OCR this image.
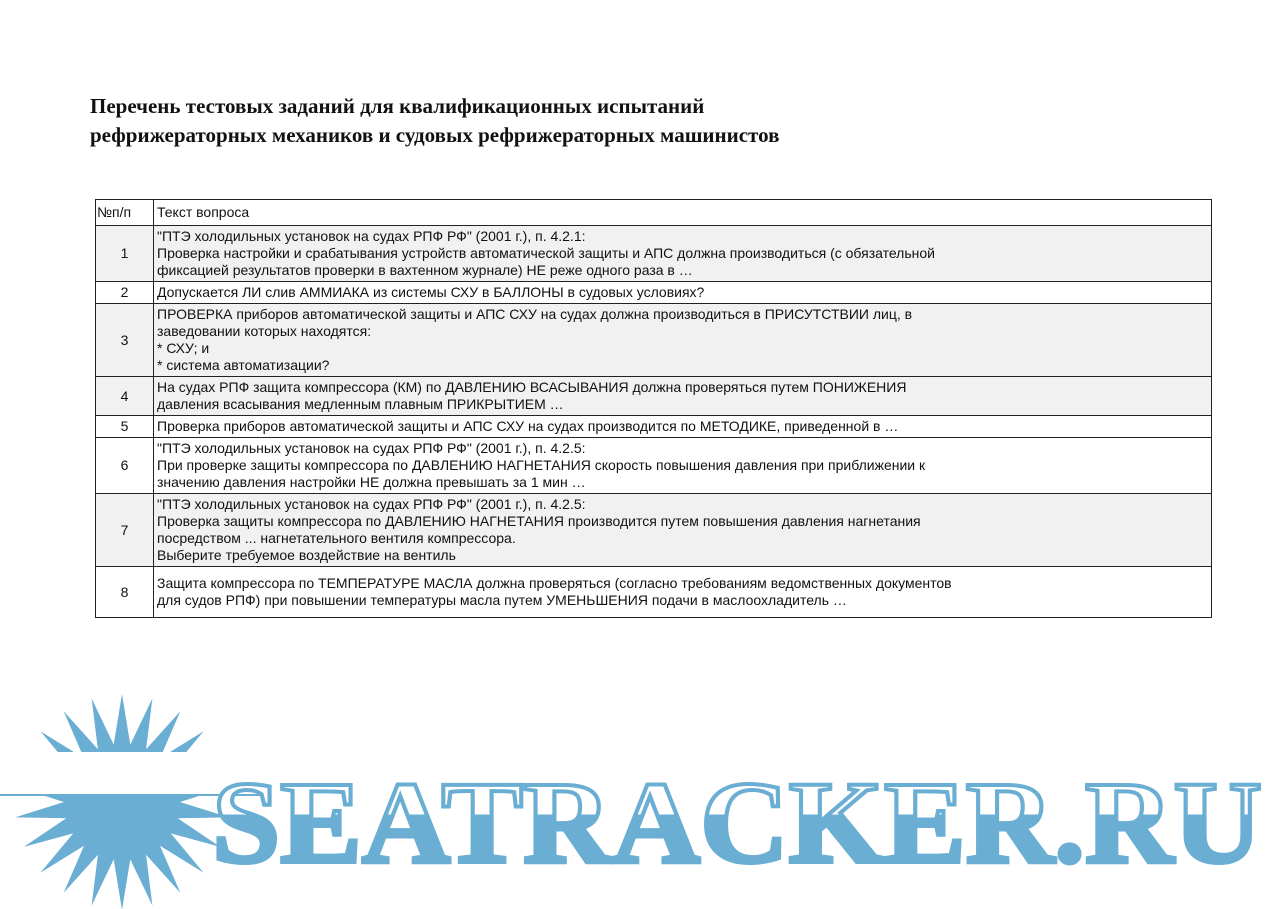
Перечень тестовых заданий для квалификационных испытаний
рефрижераторных механиков и судовых рефрижераторных машинистов
№п/п	Текст вопроса
1	"ПТЭ холодильных установок на судах РПФ РФ" (2001 г.), п. 4.2.1:
Проверка настройки и срабатывания устройств автоматической защиты и АПС должна производиться (с обязательной
фиксацией результатов проверки в вахтенном журнале) НЕ реже одного раза в …

2	Допускается ЛИ слив АММИАКА из системы СХУ в БАЛЛОНЫ в судовых условиях?

3	ПРОВЕРКА приборов автоматической защиты и АПС СХУ на судах должна производиться в ПРИСУТСТВИИ лиц, в
заведовании которых находятся:
* СХУ; и
* система автоматизации?

4	На судах РПФ защита компрессора (КМ) по ДАВЛЕНИЮ ВСАСЫВАНИЯ должна проверяться путем ПОНИЖЕНИЯ
давления всасывания медленным плавным ПРИКРЫТИЕМ …

5	Проверка приборов автоматической защиты и АПС СХУ на судах производится по МЕТОДИКЕ, приведенной в …

6	"ПТЭ холодильных установок на судах РПФ РФ" (2001 г.), п. 4.2.5:
При проверке защиты компрессора по ДАВЛЕНИЮ НАГНЕТАНИЯ скорость повышения давления при приближении к
значению давления настройки НЕ должна превышать за 1 мин …

7	"ПТЭ холодильных установок на судах РПФ РФ" (2001 г.), п. 4.2.5:
Проверка защиты компрессора по ДАВЛЕНИЮ НАГНЕТАНИЯ производится путем повышения давления нагнетания
посредством ... нагнетательного вентиля компрессора.
Выберите требуемое воздействие на вентиль

8	Защита компрессора по ТЕМПЕРАТУРЕ МАСЛА должна проверяться (согласно требованиям ведомственных документов
для судов РПФ) при повышении температуры масла путем УМЕНЬШЕНИЯ подачи в маслоохладитель …
SEATRACKER.RU
